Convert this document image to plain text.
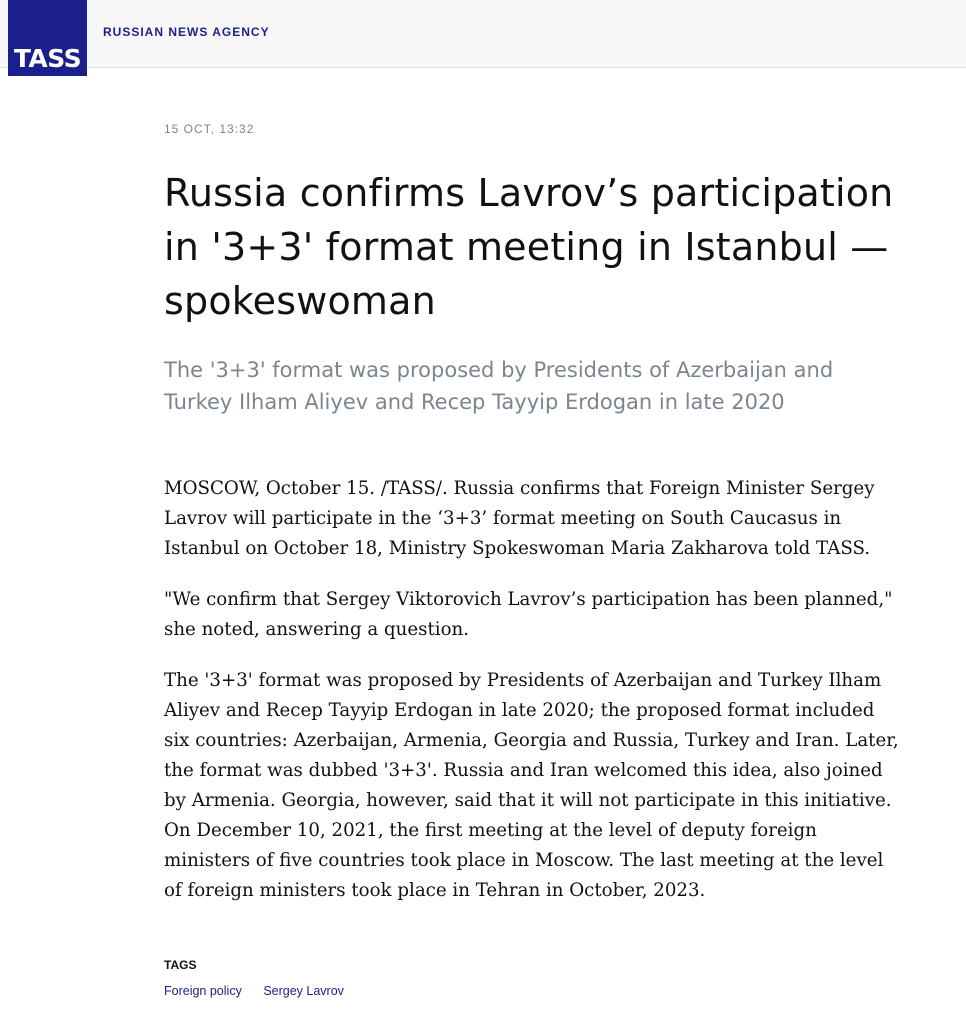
RUSSIAN NEWS AGENCY
TASS
15 OCT, 13:32
Russia confirms Lavrov’s participation in '3+3' format meeting in Istanbul — spokeswoman

The '3+3' format was proposed by Presidents of Azerbaijan and Turkey Ilham Aliyev and Recep Tayyip Erdogan in late 2020

MOSCOW, October 15. /TASS/. Russia confirms that Foreign Minister Sergey Lavrov will participate in the ‘3+3’ format meeting on South Caucasus in Istanbul on October 18, Ministry Spokeswoman Maria Zakharova told TASS.

"We confirm that Sergey Viktorovich Lavrov’s participation has been planned," she noted, answering a question.

The '3+3' format was proposed by Presidents of Azerbaijan and Turkey Ilham Aliyev and Recep Tayyip Erdogan in late 2020; the proposed format included six countries: Azerbaijan, Armenia, Georgia and Russia, Turkey and Iran. Later, the format was dubbed '3+3'. Russia and Iran welcomed this idea, also joined by Armenia. Georgia, however, said that it will not participate in this initiative. On December 10, 2021, the first meeting at the level of deputy foreign ministers of five countries took place in Moscow. The last meeting at the level of foreign ministers took place in Tehran in October, 2023.

TAGS
Foreign policy Sergey Lavrov
